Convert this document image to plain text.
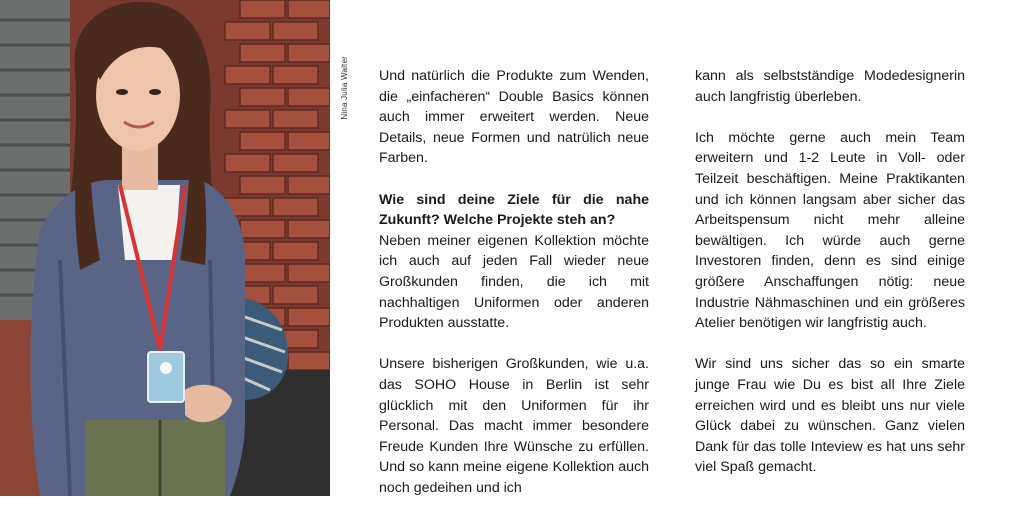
Nina Julia Walter Und natürlich die Produkte zum Wenden, die „einfacheren“ Double Basics können auch immer erweitert werden. Neue Details, neue Formen und natrülich neue Farben.

Wie sind deine Ziele für die nahe Zukunft? Welche Projekte steh an?

Neben meiner eigenen Kollektion möchte ich auch auf jeden Fall wieder neue Großkunden finden, die ich mit nachhaltigen Uniformen oder anderen Produkten ausstatte.

Unsere bisherigen Großkunden, wie u.a. das SOHO House in Berlin ist sehr glücklich mit den Uniformen für ihr Personal. Das macht immer besondere Freude Kunden Ihre Wünsche zu erfüllen. Und so kann meine eigene Kollektion auch noch gedeihen und ich

kann als selbstständige Modedesignerin auch langfristig überleben.

Ich möchte gerne auch mein Team erweitern und 1-2 Leute in Voll- oder Teilzeit beschäftigen. Meine Praktikanten und ich können langsam aber sicher das Arbeitspensum nicht mehr alleine bewältigen. Ich würde auch gerne Investoren finden, denn es sind einige größere Anschaffungen nötig: neue Industrie Nähmaschinen und ein größeres Atelier benötigen wir langfristig auch.

Wir sind uns sicher das so ein smarte junge Frau wie Du es bist all Ihre Ziele erreichen wird und es bleibt uns nur viele Glück dabei zu wünschen. Ganz vielen Dank für das tolle Inteview es hat uns sehr viel Spaß gemacht.
